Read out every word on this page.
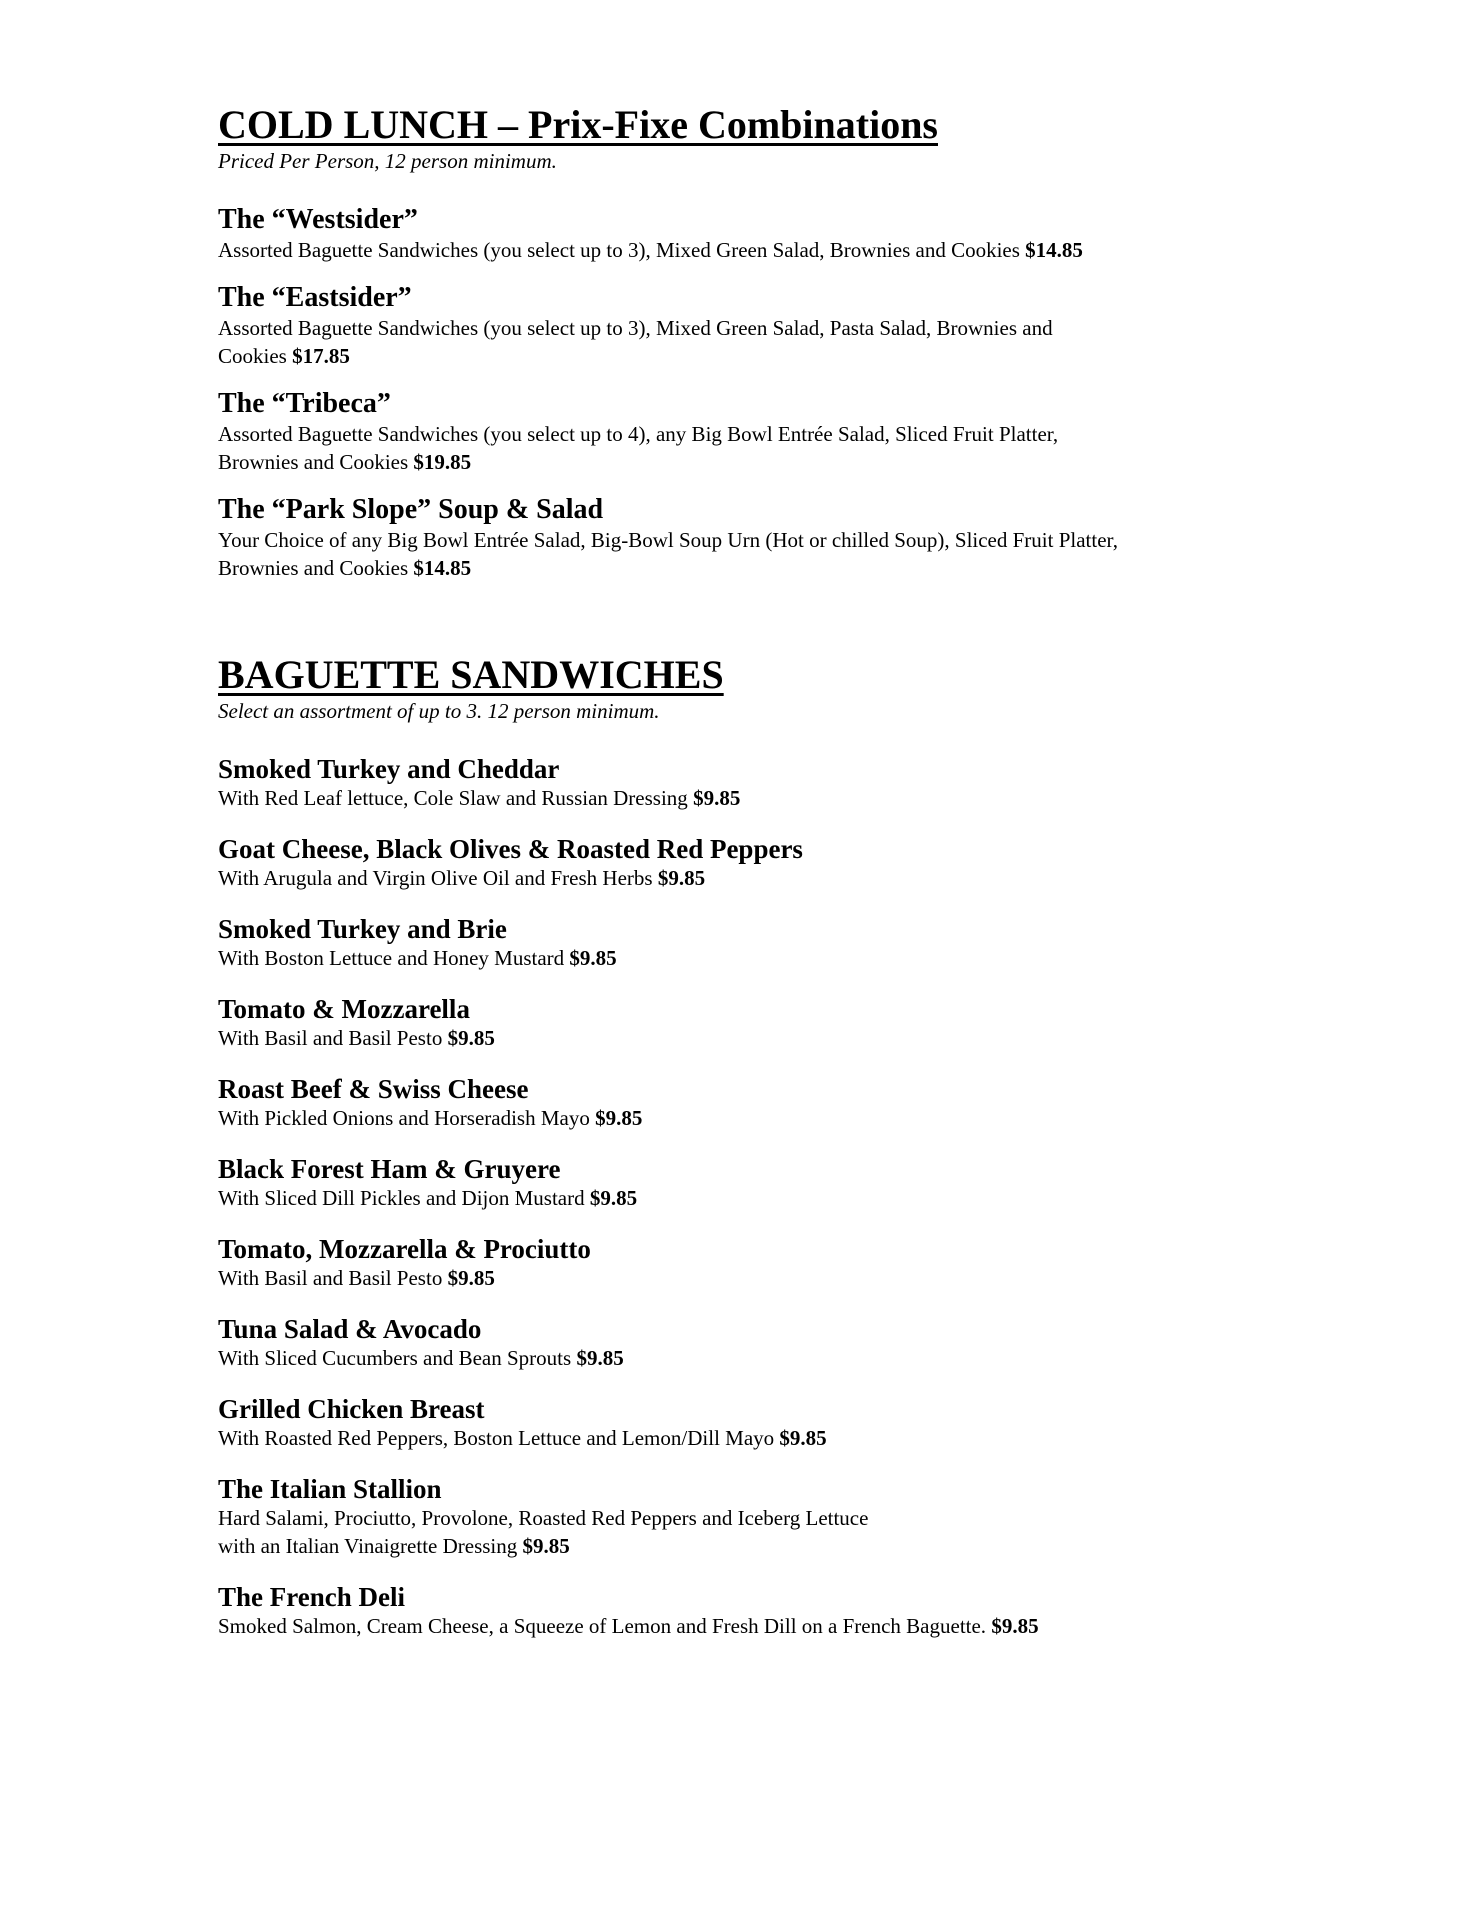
COLD LUNCH – Prix-Fixe Combinations

Priced Per Person, 12 person minimum.

The “Westsider”

Assorted Baguette Sandwiches (you select up to 3), Mixed Green Salad, Brownies and Cookies $14.85

The “Eastsider”

Assorted Baguette Sandwiches (you select up to 3), Mixed Green Salad, Pasta Salad, Brownies and
Cookies $17.85

The “Tribeca”

Assorted Baguette Sandwiches (you select up to 4), any Big Bowl Entrée Salad, Sliced Fruit Platter,
Brownies and Cookies $19.85

The “Park Slope” Soup & Salad

Your Choice of any Big Bowl Entrée Salad, Big-Bowl Soup Urn (Hot or chilled Soup), Sliced Fruit Platter,
Brownies and Cookies $14.85

BAGUETTE SANDWICHES

Select an assortment of up to 3. 12 person minimum.

Smoked Turkey and Cheddar

With Red Leaf lettuce, Cole Slaw and Russian Dressing $9.85

Goat Cheese, Black Olives & Roasted Red Peppers

With Arugula and Virgin Olive Oil and Fresh Herbs $9.85

Smoked Turkey and Brie

With Boston Lettuce and Honey Mustard $9.85

Tomato & Mozzarella

With Basil and Basil Pesto $9.85

Roast Beef & Swiss Cheese

With Pickled Onions and Horseradish Mayo $9.85

Black Forest Ham & Gruyere

With Sliced Dill Pickles and Dijon Mustard $9.85

Tomato, Mozzarella & Prociutto

With Basil and Basil Pesto $9.85

Tuna Salad & Avocado

With Sliced Cucumbers and Bean Sprouts $9.85

Grilled Chicken Breast

With Roasted Red Peppers, Boston Lettuce and Lemon/Dill Mayo $9.85

The Italian Stallion

Hard Salami, Prociutto, Provolone, Roasted Red Peppers and Iceberg Lettuce
with an Italian Vinaigrette Dressing $9.85

The French Deli

Smoked Salmon, Cream Cheese, a Squeeze of Lemon and Fresh Dill on a French Baguette. $9.85
